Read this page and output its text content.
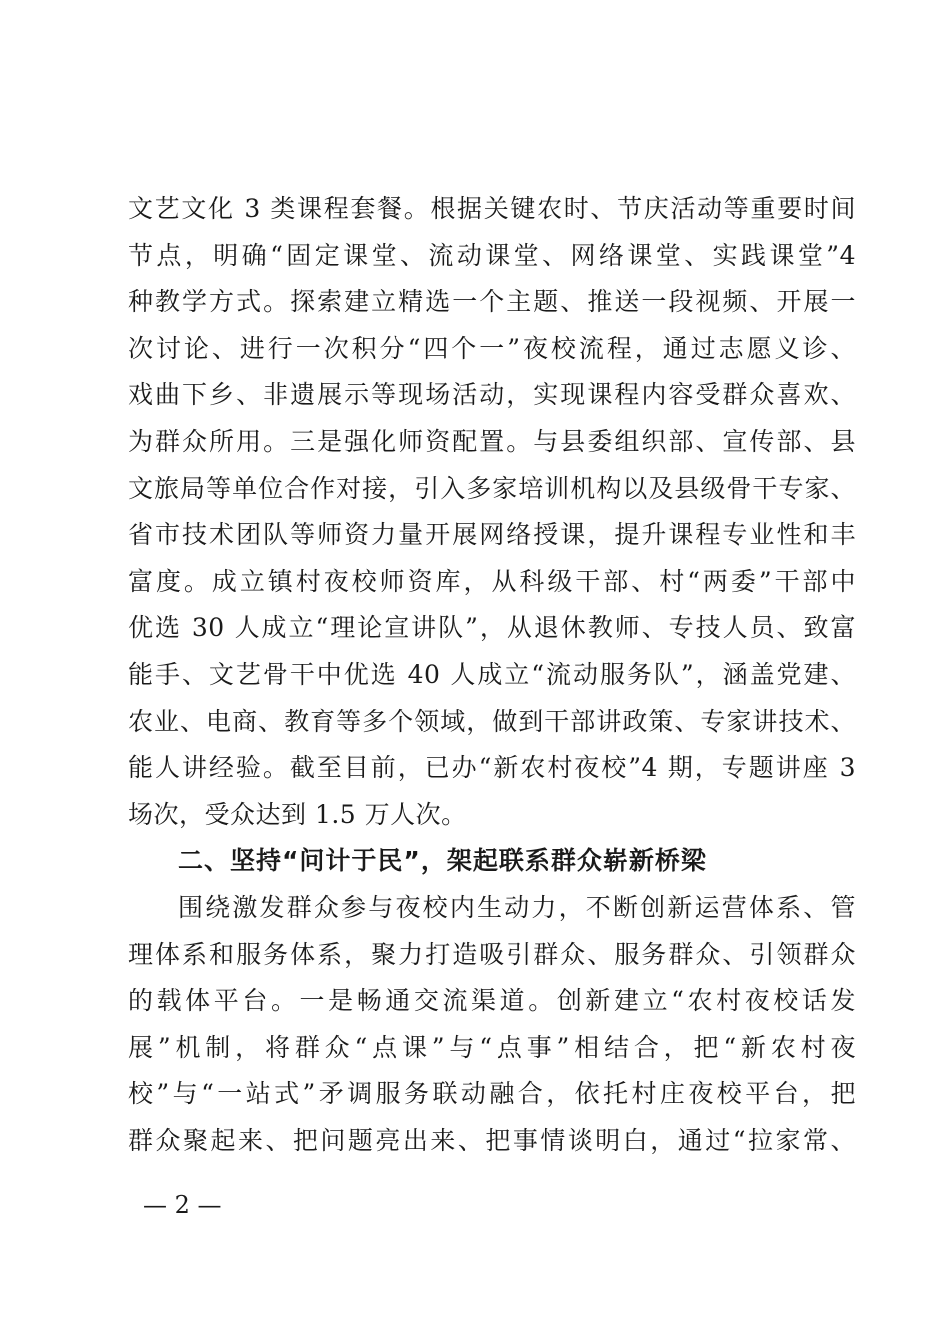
文艺文化 3 类课程套餐。根据关键农时、节庆活动等重要时间
节点，明确“固定课堂、流动课堂、网络课堂、实践课堂”4
种教学方式。探索建立精选一个主题、推送一段视频、开展一
次讨论、进行一次积分“四个一”夜校流程，通过志愿义诊、
戏曲下乡、非遗展示等现场活动，实现课程内容受群众喜欢、
为群众所用。三是强化师资配置。与县委组织部、宣传部、县
文旅局等单位合作对接，引入多家培训机构以及县级骨干专家、
省市技术团队等师资力量开展网络授课，提升课程专业性和丰
富度。成立镇村夜校师资库，从科级干部、村“两委”干部中
优选 30 人成立“理论宣讲队”，从退休教师、专技人员、致富
能手、文艺骨干中优选 40 人成立“流动服务队”，涵盖党建、
农业、电商、教育等多个领域，做到干部讲政策、专家讲技术、
能人讲经验。截至目前，已办“新农村夜校”4 期，专题讲座 3
场次，受众达到 1.5 万人次。
二、坚持“问计于民”，架起联系群众崭新桥梁
围绕激发群众参与夜校内生动力，不断创新运营体系、管
理体系和服务体系，聚力打造吸引群众、服务群众、引领群众
的载体平台。一是畅通交流渠道。创新建立“农村夜校话发
展”机制，将群众“点课”与“点事”相结合，把“新农村夜
校”与“一站式”矛调服务联动融合，依托村庄夜校平台，把
群众聚起来、把问题亮出来、把事情谈明白，通过“拉家常、
— 2 —
